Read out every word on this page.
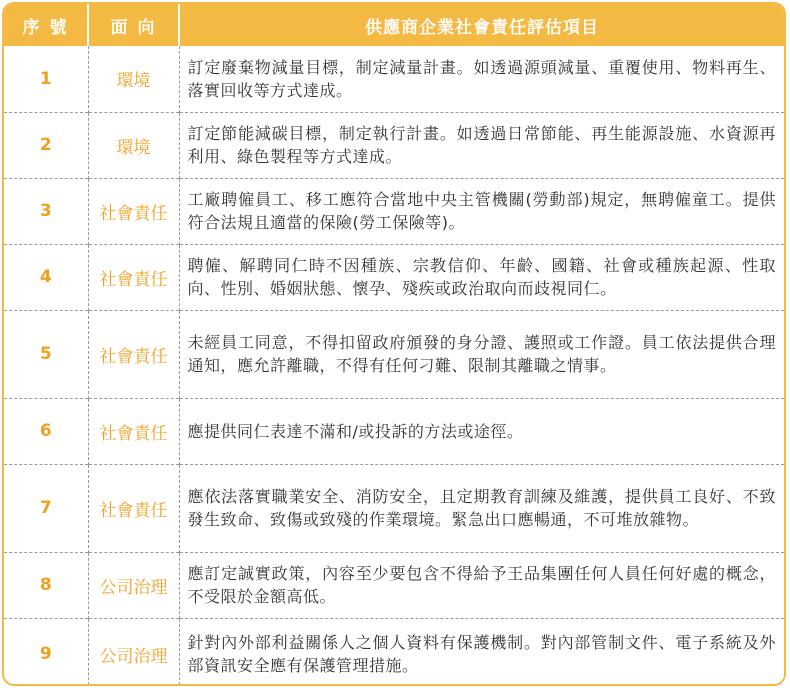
序 號	面 向	供應商企業社會責任評估項目
1	環境	訂定廢棄物減量目標，制定減量計畫。如透過源頭減量、重覆使用、物料再生、落實回收等方式達成。
2	環境	訂定節能減碳目標，制定執行計畫。如透過日常節能、再生能源設施、水資源再利用、綠色製程等方式達成。
3	社會責任	工廠聘僱員工、移工應符合當地中央主管機關(勞動部)規定，無聘僱童工。提供符合法規且適當的保險(勞工保險等)。
4	社會責任	聘僱、解聘同仁時不因種族、宗教信仰、年齡、國籍、社會或種族起源、性取向、性別、婚姻狀態、懷孕、殘疾或政治取向而歧視同仁。
5	社會責任	未經員工同意，不得扣留政府頒發的身分證、護照或工作證。員工依法提供合理通知，應允許離職，不得有任何刁難、限制其離職之情事。
6	社會責任	應提供同仁表達不滿和/或投訴的方法或途徑。
7	社會責任	應依法落實職業安全、消防安全，且定期教育訓練及維護，提供員工良好、不致發生致命、致傷或致殘的作業環境。緊急出口應暢通，不可堆放雜物。
8	公司治理	應訂定誠實政策，內容至少要包含不得給予王品集團任何人員任何好處的概念，不受限於金額高低。
9	公司治理	針對內外部利益關係人之個人資料有保護機制。對內部管制文件、電子系統及外部資訊安全應有保護管理措施。
